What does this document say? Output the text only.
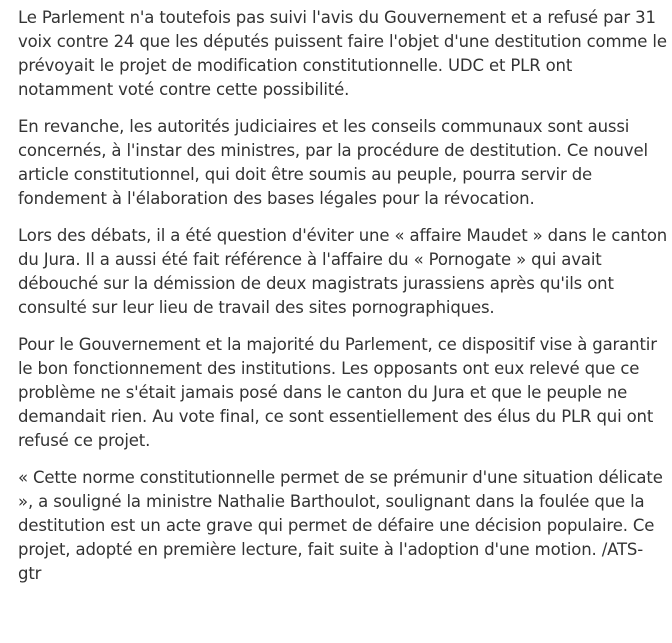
Le Parlement n'a toutefois pas suivi l'avis du Gouvernement et a refusé par 31
voix contre 24 que les députés puissent faire l'objet d'une destitution comme le
prévoyait le projet de modification constitutionnelle. UDC et PLR ont
notamment voté contre cette possibilité.

En revanche, les autorités judiciaires et les conseils communaux sont aussi
concernés, à l'instar des ministres, par la procédure de destitution. Ce nouvel
article constitutionnel, qui doit être soumis au peuple, pourra servir de
fondement à l'élaboration des bases légales pour la révocation.

Lors des débats, il a été question d'éviter une « affaire Maudet » dans le canton
du Jura. Il a aussi été fait référence à l'affaire du « Pornogate » qui avait
débouché sur la démission de deux magistrats jurassiens après qu'ils ont
consulté sur leur lieu de travail des sites pornographiques.

Pour le Gouvernement et la majorité du Parlement, ce dispositif vise à garantir
le bon fonctionnement des institutions. Les opposants ont eux relevé que ce
problème ne s'était jamais posé dans le canton du Jura et que le peuple ne
demandait rien. Au vote final, ce sont essentiellement des élus du PLR qui ont
refusé ce projet.

« Cette norme constitutionnelle permet de se prémunir d'une situation délicate
», a souligné la ministre Nathalie Barthoulot, soulignant dans la foulée que la
destitution est un acte grave qui permet de défaire une décision populaire. Ce
projet, adopté en première lecture, fait suite à l'adoption d'une motion. /ATS-
gtr
